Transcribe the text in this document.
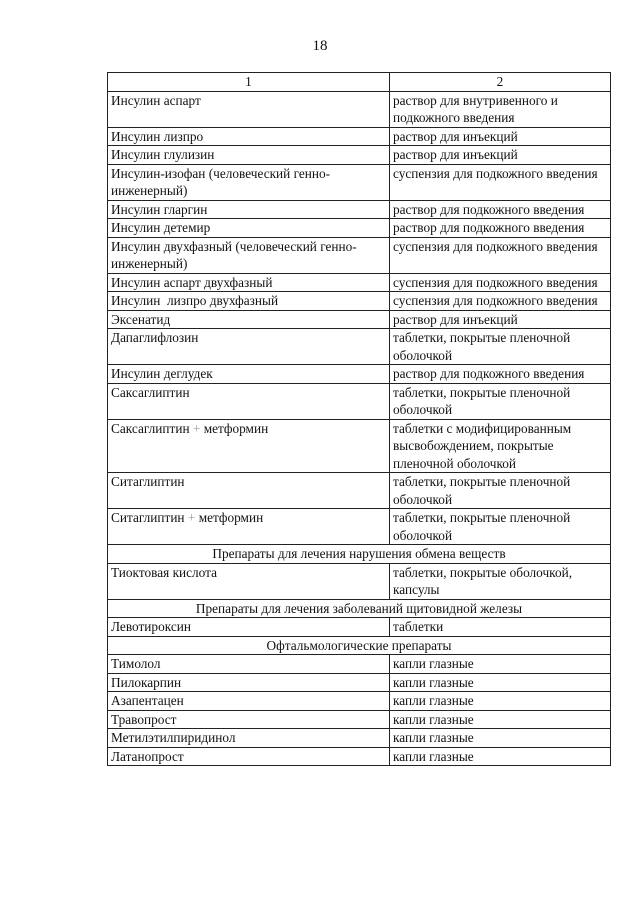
18
1	2
Инсулин аспарт	раствор для внутривенного и подкожного введения
Инсулин лизпро	раствор для инъекций
Инсулин глулизин	раствор для инъекций
Инсулин-изофан (человеческий генно-инженерный)	суспензия для подкожного введения
Инсулин гларгин	раствор для подкожного введения
Инсулин детемир	раствор для подкожного введения
Инсулин двухфазный (человеческий генно-инженерный)	суспензия для подкожного введения
Инсулин аспарт двухфазный	суспензия для подкожного введения
Инсулин  лизпро двухфазный	суспензия для подкожного введения
Эксенатид	раствор для инъекций
Дапаглифлозин	таблетки, покрытые пленочной оболочкой
Инсулин деглудек	раствор для подкожного введения
Саксаглиптин	таблетки, покрытые пленочной оболочкой
Саксаглиптин + метформин	таблетки с модифицированным высвобождением, покрытые пленочной оболочкой
Ситаглиптин	таблетки, покрытые пленочной оболочкой
Ситаглиптин + метформин	таблетки, покрытые пленочной оболочкой
Препараты для лечения нарушения обмена веществ	
Тиоктовая кислота	таблетки, покрытые оболочкой, капсулы
Препараты для лечения заболеваний щитовидной железы	
Левотироксин	таблетки
Офтальмологические препараты	
Тимолол	капли глазные
Пилокарпин	капли глазные
Азапентацен	капли глазные
Травопрост	капли глазные
Метилэтилпиридинол	капли глазные
Латанопрост	капли глазные
